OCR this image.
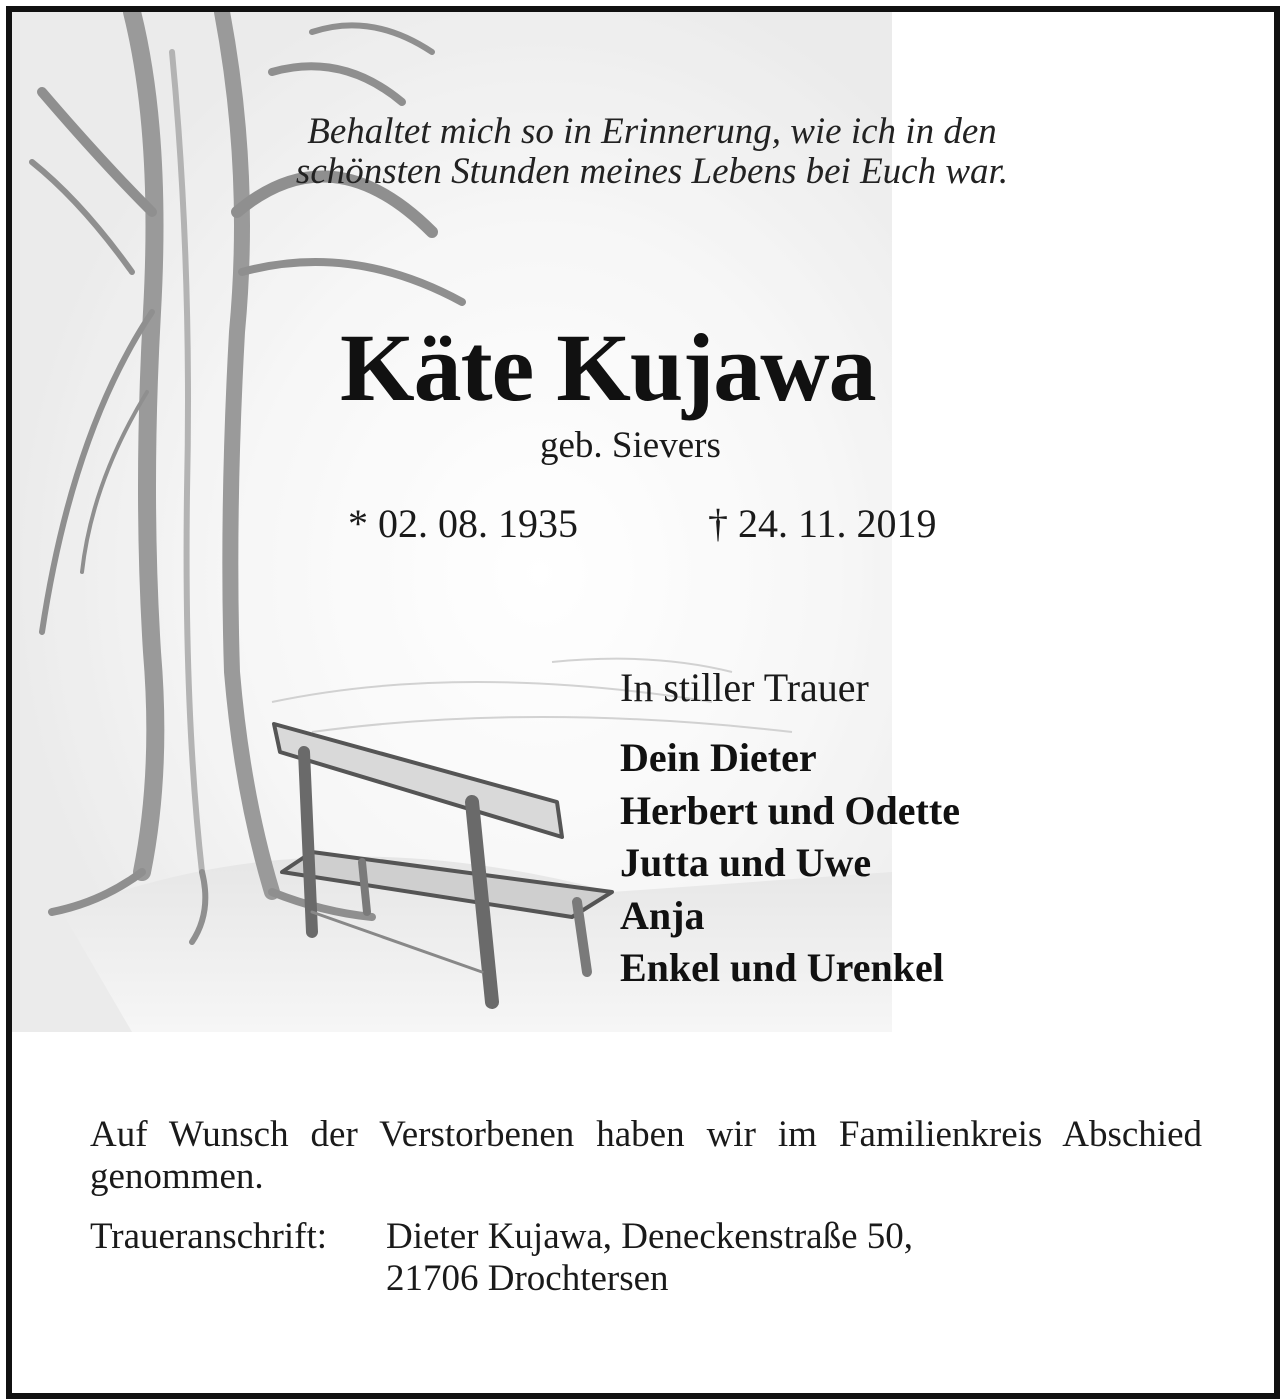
Behaltet mich so in Erinnerung, wie ich in den
schönsten Stunden meines Lebens bei Euch war.
Käte Kujawa
geb. Sievers
* 02. 08. 1935	† 24. 11. 2019
In stiller Trauer
Dein Dieter
Herbert und Odette
Jutta und Uwe
Anja
Enkel und Urenkel
Auf Wunsch der Verstorbenen haben wir im Familienkreis Abschied genommen.
Traueranschrift:	Dieter Kujawa, Deneckenstraße 50,
21706 Drochtersen
